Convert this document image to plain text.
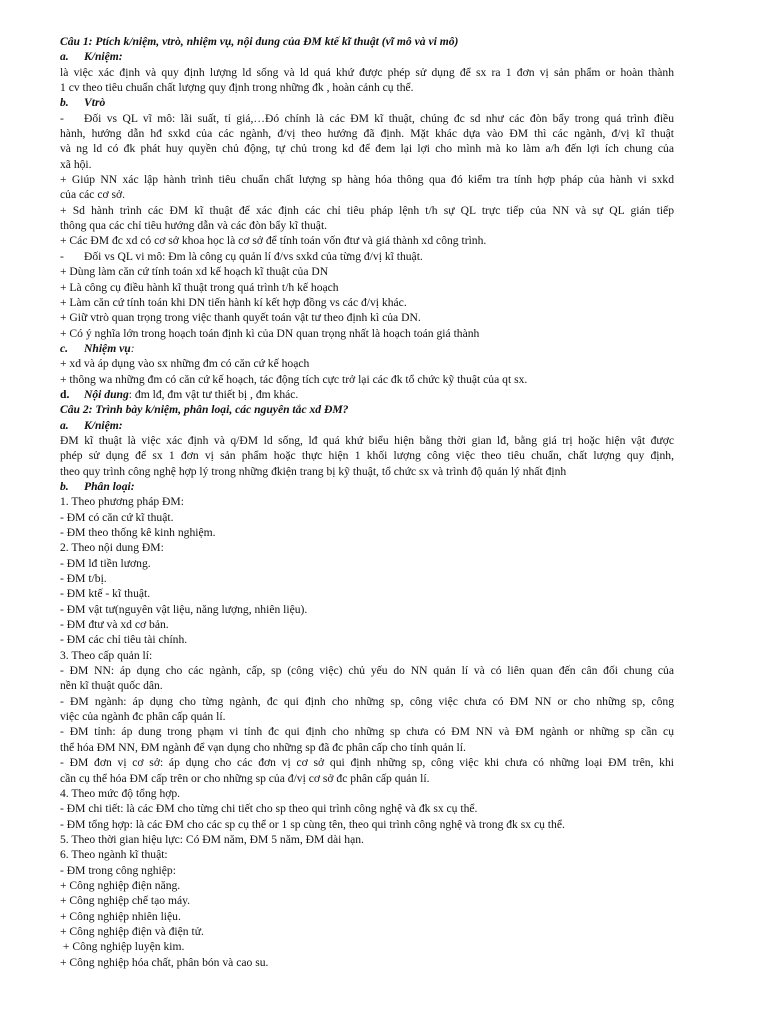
Câu 1: Ptích k/niệm, vtrò, nhiệm vụ, nội dung của ĐM ktế kĩ thuật (vĩ mô và vi mô)
a. K/niệm:
là việc xác định và quy định lượng ld sống và ld quá khứ được phép sử dụng để sx ra 1 đơn vị sản phẩm or hoàn thành
1 cv theo tiêu chuẩn chất lượng quy định trong những đk , hoàn cảnh cụ thể.
b. Vtrò
- Đối vs QL vĩ mô: lãi suất, tỉ giá,…Đó chính là các ĐM kĩ thuật, chúng đc sd như các đòn bẩy trong quá trình điều
hành, hướng dẫn hđ sxkd của các ngành, đ/vị theo hướng đã định. Mặt khác dựa vào ĐM thì các ngành, đ/vị kĩ thuật
và ng ld có đk phát huy quyền chủ động, tự chủ trong kd để đem lại lợi cho mình mà ko làm a/h đến lợi ích chung của
xã hội.
+ Giúp NN xác lập hành trình tiêu chuẩn chất lượng sp hàng hóa thông qua đó kiểm tra tính hợp pháp của hành vi sxkd
của các cơ sở.
+ Sd hành trình các ĐM kĩ thuật để xác định các chỉ tiêu pháp lệnh t/h sự QL trực tiếp của NN và sự QL gián tiếp
thông qua các chỉ tiêu hướng dẫn và các đòn bẩy kĩ thuật.
+ Các ĐM đc xd có cơ sở khoa học là cơ sở để tính toán vốn đtư và giá thành xd công trình.
- Đối vs QL vi mô: Đm là công cụ quản lí đ/vs sxkd của từng đ/vị kĩ thuật.
+ Dùng làm căn cứ tính toán xd kế hoạch kĩ thuật của DN
+ Là công cụ điều hành kĩ thuật trong quá trình t/h kế hoạch
+ Làm căn cứ tính toán khi DN tiến hành kí kết hợp đồng vs các đ/vị khác.
+ Giữ vtrò quan trọng trong việc thanh quyết toán vật tư theo định kì của DN.
+ Có ý nghĩa lớn trong hoạch toán định kì của DN quan trọng nhất là hoạch toán giá thành
c. Nhiệm vụ:
+ xd và áp dụng vào sx những đm có căn cứ kế hoạch
+ thông wa những đm có căn cứ kế hoạch, tác động tích cực trở lại các đk tổ chức kỹ thuật của qt sx.
d. Nội dung: đm lđ, đm vật tư thiết bị , đm khác.
Câu 2: Trình bày k/niệm, phân loại, các nguyên tắc xd ĐM?
a. K/niệm:
ĐM kĩ thuật là việc xác định và q/ĐM ld sống, lđ quá khứ biểu hiện bằng thời gian lđ, bằng giá trị hoặc hiện vật được
phép sử dụng để sx 1 đơn vị sản phẩm hoặc thực hiện 1 khối lượng công việc theo tiêu chuẩn, chất lượng quy định,
theo quy trình công nghệ hợp lý trong những đkiện trang bị kỹ thuật, tổ chức sx và trình độ quản lý nhất định
b. Phân loại:
1. Theo phương pháp ĐM:
- ĐM có căn cứ kĩ thuật.
- ĐM theo thống kê kinh nghiệm.
2. Theo nội dung ĐM:
- ĐM lđ tiền lương.
- ĐM t/bị.
- ĐM ktế - kĩ thuật.
- ĐM vật tư(nguyên vật liệu, năng lượng, nhiên liệu).
- ĐM đtư và xd cơ bản.
- ĐM các chỉ tiêu tài chính.
3. Theo cấp quản lí:
- ĐM NN: áp dụng cho các ngành, cấp, sp (công việc) chủ yếu do NN quản lí và có liên quan đến cân đối chung của
nền kĩ thuật quốc dân.
- ĐM ngành: áp dụng cho từng ngành, đc qui định cho những sp, công việc chưa có ĐM NN or cho những sp, công
việc của ngành đc phân cấp quản lí.
- ĐM tỉnh: áp dung trong phạm vi tỉnh đc qui định cho những sp chưa có ĐM NN và ĐM ngành or những sp cần cụ
thể hóa ĐM NN, ĐM ngành để vạn dụng cho những sp đã đc phân cấp cho tỉnh quản lí.
- ĐM đơn vị cơ sở: áp dụng cho các đơn vị cơ sở qui định những sp, công việc khi chưa có những loại ĐM trên, khi
cần cụ thể hóa ĐM cấp trên or cho những sp của đ/vị cơ sở đc phân cấp quản lí.
4. Theo mức độ tổng hợp.
- ĐM chi tiết: là các ĐM cho từng chi tiết cho sp theo qui trình công nghệ và đk sx cụ thể.
- ĐM tổng hợp: là các ĐM cho các sp cụ thể or 1 sp cùng tên, theo qui trình công nghệ và trong đk sx cụ thể.
5. Theo thời gian hiệu lực: Có ĐM năm, ĐM 5 năm, ĐM dài hạn.
6. Theo ngành kĩ thuật:
- ĐM trong công nghiệp:
+ Công nghiệp điện năng.
+ Công nghiệp chế tạo máy.
+ Công nghiệp nhiên liệu.
+ Công nghiệp điện và điện tử.
+ Công nghiệp luyện kim.
+ Công nghiệp hóa chất, phân bón và cao su.
